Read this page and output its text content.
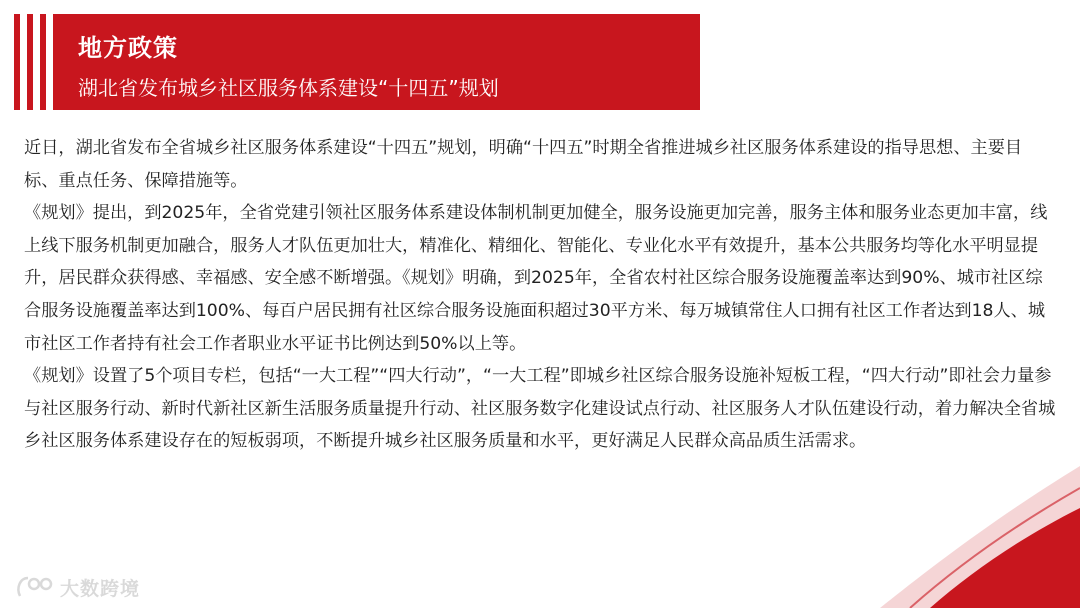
地方政策
湖北省发布城乡社区服务体系建设“十四五”规划

近日，湖北省发布全省城乡社区服务体系建设“十四五”规划，明确“十四五”时期全省推进城乡社区服务体系建设的指导思想、主要目标、重点任务、保障措施等。

《规划》提出，到2025年，全省党建引领社区服务体系建设体制机制更加健全，服务设施更加完善，服务主体和服务业态更加丰富，线上线下服务机制更加融合，服务人才队伍更加壮大，精准化、精细化、智能化、专业化水平有效提升，基本公共服务均等化水平明显提升，居民群众获得感、幸福感、安全感不断增强。《规划》明确，到2025年，全省农村社区综合服务设施覆盖率达到90%、城市社区综合服务设施覆盖率达到100%、每百户居民拥有社区综合服务设施面积超过30平方米、每万城镇常住人口拥有社区工作者达到18人、城市社区工作者持有社会工作者职业水平证书比例达到50%以上等。

《规划》设置了5个项目专栏，包括“一大工程”“四大行动”，“一大工程”即城乡社区综合服务设施补短板工程，“四大行动”即社会力量参与社区服务行动、新时代新社区新生活服务质量提升行动、社区服务数字化建设试点行动、社区服务人才队伍建设行动，着力解决全省城乡社区服务体系建设存在的短板弱项，不断提升城乡社区服务质量和水平，更好满足人民群众高品质生活需求。

大数跨境
